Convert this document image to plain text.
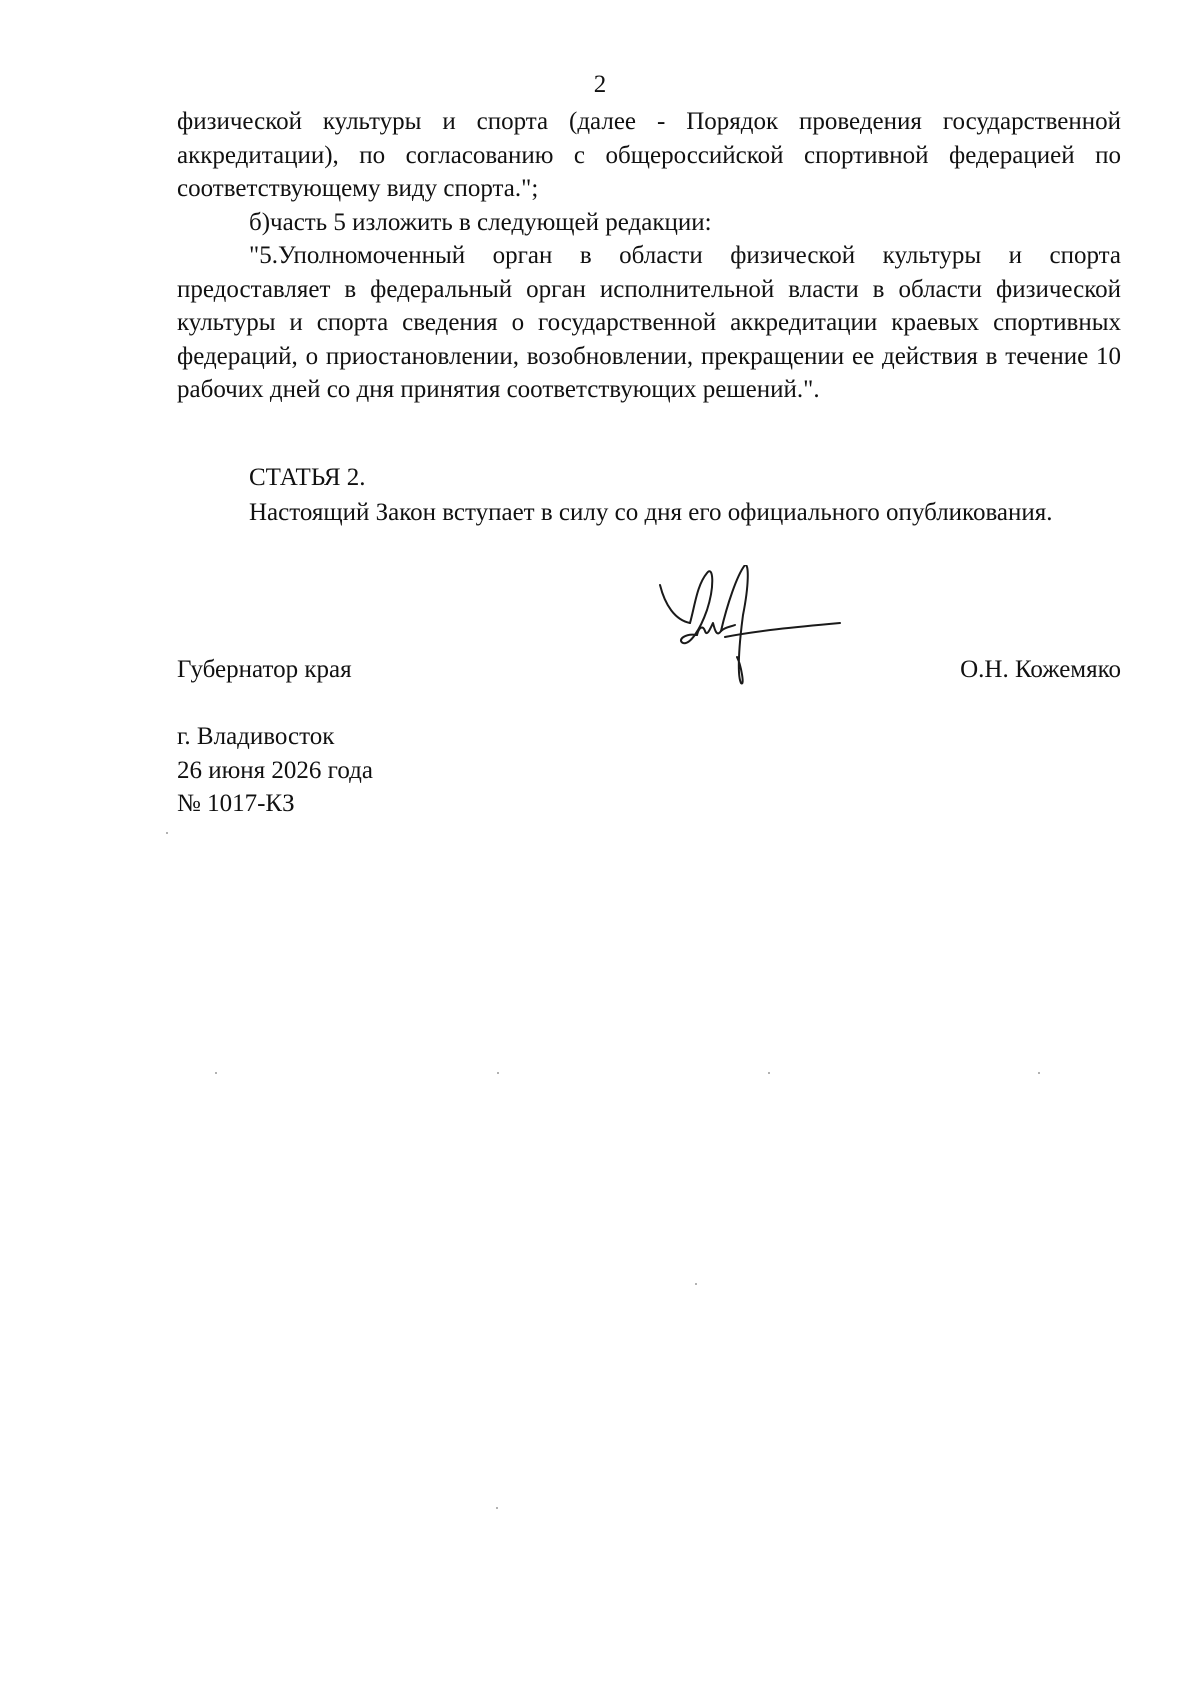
2

физической культуры и спорта (далее - Порядок проведения государственной аккредитации), по согласованию с общероссийской спортивной федерацией по соответствующему виду спорта.";

б)часть 5 изложить в следующей редакции:

"5.Уполномоченный орган в области физической культуры и спорта предоставляет в федеральный орган исполнительной власти в области физической культуры и спорта сведения о государственной аккредитации краевых спортивных федераций, о приостановлении, возобновлении, прекращении ее действия в течение 10 рабочих дней со дня принятия соответствующих решений.".

СТАТЬЯ 2.

Настоящий Закон вступает в силу со дня его официального опубликования.

Губернатор края	О.Н. Кожемяко
г. Владивосток
26 июня 2026 года
№ 1017-КЗ
